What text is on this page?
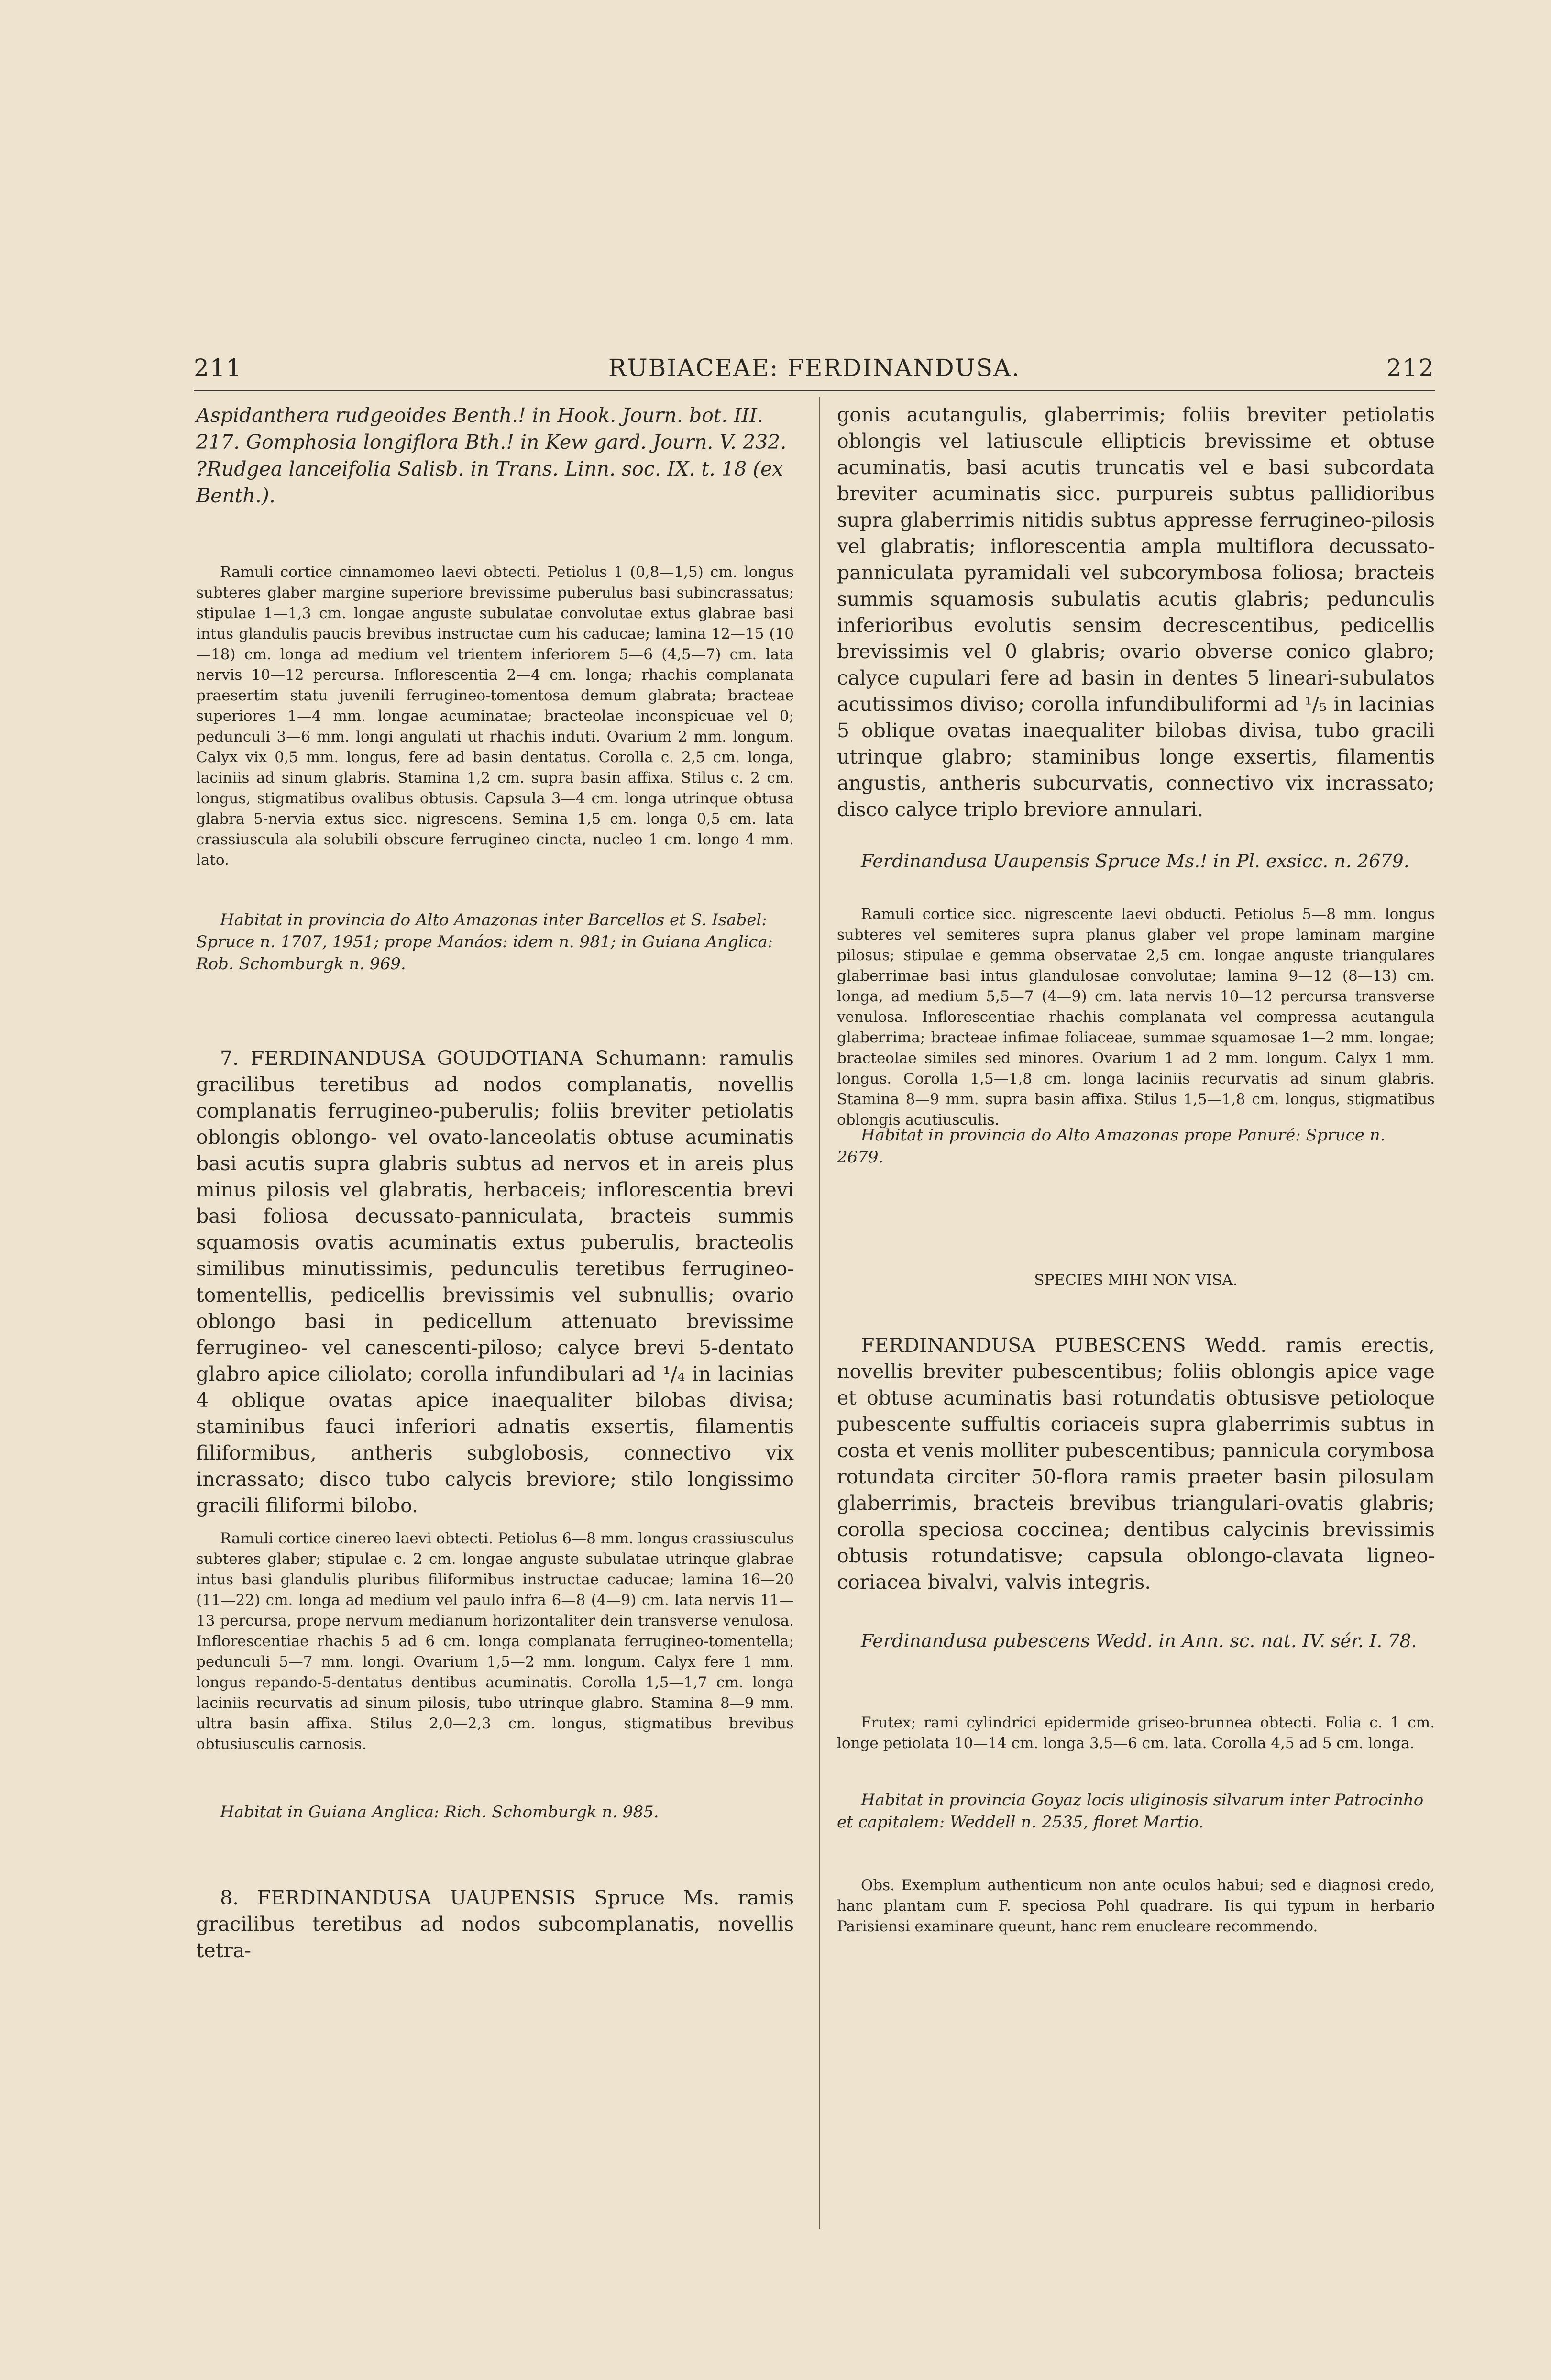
211	RUBIACEAE: FERDINANDUSA.	212

Aspidanthera rudgeoides Benth.! in Hook. Journ. bot. III. 217. Gomphosia longiflora Bth.! in Kew gard. Journ. V. 232. ?Rudgea lanceifolia Salisb. in Trans. Linn. soc. IX. t. 18 (ex Benth.).

Ramuli cortice cinnamomeo laevi obtecti. Petiolus 1 (0,8—1,5) cm. longus subteres glaber margine superiore brevissime puberulus basi subincrassatus; stipulae 1—1,3 cm. longae anguste subulatae convolutae extus glabrae basi intus glandulis paucis brevibus instructae cum his caducae; lamina 12—15 (10—18) cm. longa ad medium vel trientem inferiorem 5—6 (4,5—7) cm. lata nervis 10—12 percursa. Inflorescentia 2—4 cm. longa; rhachis complanata praesertim statu juvenili ferrugineo-tomentosa demum glabrata; bracteae superiores 1—4 mm. longae acuminatae; bracteolae inconspicuae vel 0; pedunculi 3—6 mm. longi angulati ut rhachis induti. Ovarium 2 mm. longum. Calyx vix 0,5 mm. longus, fere ad basin dentatus. Corolla c. 2,5 cm. longa, laciniis ad sinum glabris. Stamina 1,2 cm. supra basin affixa. Stilus c. 2 cm. longus, stigmatibus ovalibus obtusis. Capsula 3—4 cm. longa utrinque obtusa glabra 5-nervia extus sicc. nigrescens. Semina 1,5 cm. longa 0,5 cm. lata crassiuscula ala solubili obscure ferrugineo cincta, nucleo 1 cm. longo 4 mm. lato.

Habitat in provincia do Alto Amazonas inter Barcellos et S. Isabel: Spruce n. 1707, 1951; prope Manáos: idem n. 981; in Guiana Anglica: Rob. Schomburgk n. 969.

7. FERDINANDUSA GOUDOTIANA Schumann: ramulis gracilibus teretibus ad nodos complanatis, novellis complanatis ferrugineo-puberulis; foliis breviter petiolatis oblongis oblongo- vel ovato-lanceolatis obtuse acuminatis basi acutis supra glabris subtus ad nervos et in areis plus minus pilosis vel glabratis, herbaceis; inflorescentia brevi basi foliosa decussato-panniculata, bracteis summis squamosis ovatis acuminatis extus puberulis, bracteolis similibus minutissimis, pedunculis teretibus ferrugineo-tomentellis, pedicellis brevissimis vel subnullis; ovario oblongo basi in pedicellum attenuato brevissime ferrugineo- vel canescenti-piloso; calyce brevi 5-dentato glabro apice ciliolato; corolla infundibulari ad ¹/₄ in lacinias 4 oblique ovatas apice inaequaliter bilobas divisa; staminibus fauci inferiori adnatis exsertis, filamentis filiformibus, antheris subglobosis, connectivo vix incrassato; disco tubo calycis breviore; stilo longissimo gracili filiformi bilobo.

Ramuli cortice cinereo laevi obtecti. Petiolus 6—8 mm. longus crassiusculus subteres glaber; stipulae c. 2 cm. longae anguste subulatae utrinque glabrae intus basi glandulis pluribus filiformibus instructae caducae; lamina 16—20 (11—22) cm. longa ad medium vel paulo infra 6—8 (4—9) cm. lata nervis 11—13 percursa, prope nervum medianum horizontaliter dein transverse venulosa. Inflorescentiae rhachis 5 ad 6 cm. longa complanata ferrugineo-tomentella; pedunculi 5—7 mm. longi. Ovarium 1,5—2 mm. longum. Calyx fere 1 mm. longus repando-5-dentatus dentibus acuminatis. Corolla 1,5—1,7 cm. longa laciniis recurvatis ad sinum pilosis, tubo utrinque glabro. Stamina 8—9 mm. ultra basin affixa. Stilus 2,0—2,3 cm. longus, stigmatibus brevibus obtusiusculis carnosis.

Habitat in Guiana Anglica: Rich. Schomburgk n. 985.

8. FERDINANDUSA UAUPENSIS Spruce Ms. ramis gracilibus teretibus ad nodos subcomplanatis, novellis tetra-

gonis acutangulis, glaberrimis; foliis breviter petiolatis oblongis vel latiuscule ellipticis brevissime et obtuse acuminatis, basi acutis truncatis vel e basi subcordata breviter acuminatis sicc. purpureis subtus pallidioribus supra glaberrimis nitidis subtus appresse ferrugineo-pilosis vel glabratis; inflorescentia ampla multiflora decussato-panniculata pyramidali vel subcorymbosa foliosa; bracteis summis squamosis subulatis acutis glabris; pedunculis inferioribus evolutis sensim decrescentibus, pedicellis brevissimis vel 0 glabris; ovario obverse conico glabro; calyce cupulari fere ad basin in dentes 5 lineari-subulatos acutissimos diviso; corolla infundibuliformi ad ¹/₅ in lacinias 5 oblique ovatas inaequaliter bilobas divisa, tubo gracili utrinque glabro; staminibus longe exsertis, filamentis angustis, antheris subcurvatis, connectivo vix incrassato; disco calyce triplo breviore annulari.

Ferdinandusa Uaupensis Spruce Ms.! in Pl. exsicc. n. 2679.

Ramuli cortice sicc. nigrescente laevi obducti. Petiolus 5—8 mm. longus subteres vel semiteres supra planus glaber vel prope laminam margine pilosus; stipulae e gemma observatae 2,5 cm. longae anguste triangulares glaberrimae basi intus glandulosae convolutae; lamina 9—12 (8—13) cm. longa, ad medium 5,5—7 (4—9) cm. lata nervis 10—12 percursa transverse venulosa. Inflorescentiae rhachis complanata vel compressa acutangula glaberrima; bracteae infimae foliaceae, summae squamosae 1—2 mm. longae; bracteolae similes sed minores. Ovarium 1 ad 2 mm. longum. Calyx 1 mm. longus. Corolla 1,5—1,8 cm. longa laciniis recurvatis ad sinum glabris. Stamina 8—9 mm. supra basin affixa. Stilus 1,5—1,8 cm. longus, stigmatibus oblongis acutiusculis.

Habitat in provincia do Alto Amazonas prope Panuré: Spruce n. 2679.

SPECIES MIHI NON VISA.

FERDINANDUSA PUBESCENS Wedd. ramis erectis, novellis breviter pubescentibus; foliis oblongis apice vage et obtuse acuminatis basi rotundatis obtusisve petioloque pubescente suffultis coriaceis supra glaberrimis subtus in costa et venis molliter pubescentibus; pannicula corymbosa rotundata circiter 50-flora ramis praeter basin pilosulam glaberrimis, bracteis brevibus triangulari-ovatis glabris; corolla speciosa coccinea; dentibus calycinis brevissimis obtusis rotundatisve; capsula oblongo-clavata ligneo-coriacea bivalvi, valvis integris.

Ferdinandusa pubescens Wedd. in Ann. sc. nat. IV. sér. I. 78.

Frutex; rami cylindrici epidermide griseo-brunnea obtecti. Folia c. 1 cm. longe petiolata 10—14 cm. longa 3,5—6 cm. lata. Corolla 4,5 ad 5 cm. longa.

Habitat in provincia Goyaz locis uliginosis silvarum inter Patrocinho et capitalem: Weddell n. 2535, floret Martio.

Obs. Exemplum authenticum non ante oculos habui; sed e diagnosi credo, hanc plantam cum F. speciosa Pohl quadrare. Iis qui typum in herbario Parisiensi examinare queunt, hanc rem enucleare recommendo.
